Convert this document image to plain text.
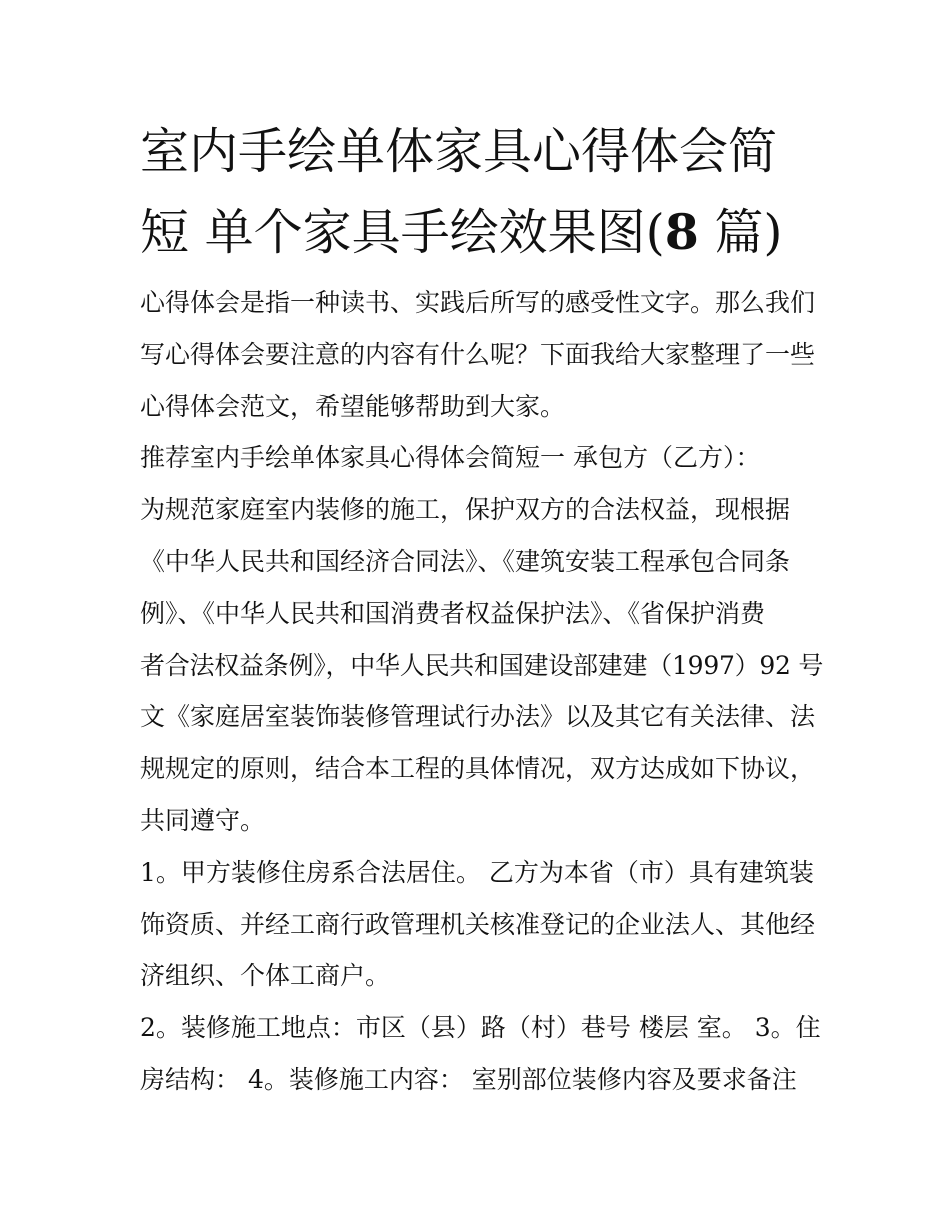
室内手绘单体家具心得体会简
短 单个家具手绘效果图(8 篇)
心得体会是指一种读书、实践后所写的感受性文字。那么我们
写心得体会要注意的内容有什么呢？下面我给大家整理了一些
心得体会范文，希望能够帮助到大家。
推荐室内手绘单体家具心得体会简短一 承包方（乙方）：
为规范家庭室内装修的施工，保护双方的合法权益，现根据
《中华人民共和国经济合同法》、《建筑安装工程承包合同条
例》、《中华人民共和国消费者权益保护法》、《省保护消费
者合法权益条例》，中华人民共和国建设部建建（1997）92 号
文《家庭居室装饰装修管理试行办法》以及其它有关法律、法
规规定的原则，结合本工程的具体情况，双方达成如下协议，
共同遵守。
1。甲方装修住房系合法居住。 乙方为本省（市）具有建筑装
饰资质、并经工商行政管理机关核准登记的企业法人、其他经
济组织、个体工商户。
2。装修施工地点：市区（县）路（村）巷号 楼层 室。 3。住
房结构： 4。装修施工内容： 室别部位装修内容及要求备注
